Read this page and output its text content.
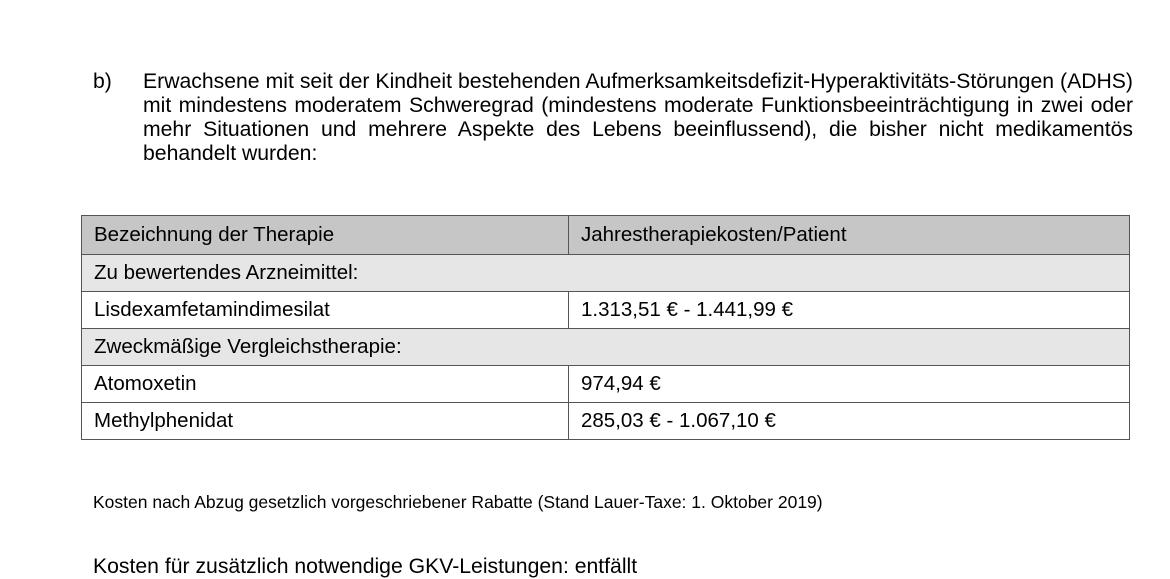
b) Erwachsene mit seit der Kindheit bestehenden Aufmerksamkeitsdefizit-Hyperaktivitäts-Störungen (ADHS) mit mindestens moderatem Schweregrad (mindestens moderate Funktionsbeeinträchtigung in zwei oder mehr Situationen und mehrere Aspekte des Lebens beeinflussend), die bisher nicht medikamentös behandelt wurden:
Bezeichnung der Therapie	Jahrestherapiekosten/Patient
Zu bewertendes Arzneimittel:	
Lisdexamfetamindimesilat	1.313,51 € - 1.441,99 €
Zweckmäßige Vergleichstherapie:	
Atomoxetin	974,94 €
Methylphenidat	285,03 € - 1.067,10 €
Kosten nach Abzug gesetzlich vorgeschriebener Rabatte (Stand Lauer-Taxe: 1. Oktober 2019)
Kosten für zusätzlich notwendige GKV-Leistungen: entfällt
